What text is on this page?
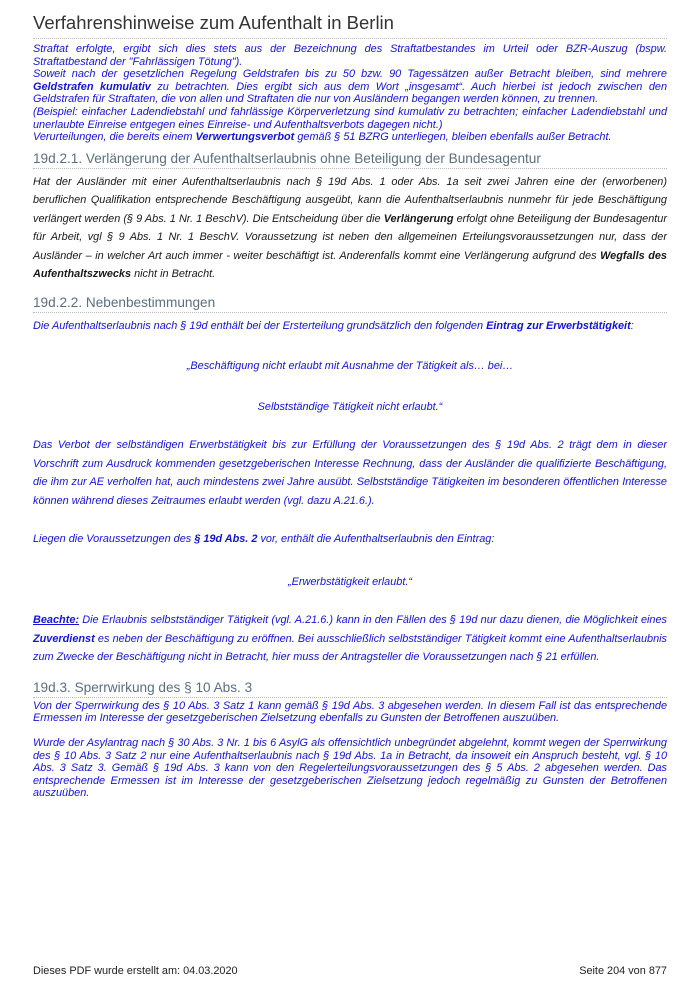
Verfahrenshinweise zum Aufenthalt in Berlin

Straftat erfolgte, ergibt sich dies stets aus der Bezeichnung des Straftatbestandes im Urteil oder BZR-Auszug (bspw. Straftatbestand der "Fahrlässigen Tötung").

Soweit nach der gesetzlichen Regelung Geldstrafen bis zu 50 bzw. 90 Tagessätzen außer Betracht bleiben, sind mehrere Geldstrafen kumulativ zu betrachten. Dies ergibt sich aus dem Wort „insgesamt“. Auch hierbei ist jedoch zwischen den Geldstrafen für Straftaten, die von allen und Straftaten die nur von Ausländern begangen werden können, zu trennen.

(Beispiel: einfacher Ladendiebstahl und fahrlässige Körperverletzung sind kumulativ zu betrachten; einfacher Ladendiebstahl und unerlaubte Einreise entgegen eines Einreise- und Aufenthaltsverbots dagegen nicht.)

Verurteilungen, die bereits einem Verwertungsverbot gemäß § 51 BZRG unterliegen, bleiben ebenfalls außer Betracht.

19d.2.1. Verlängerung der Aufenthaltserlaubnis ohne Beteiligung der Bundesagentur

Hat der Ausländer mit einer Aufenthaltserlaubnis nach § 19d Abs. 1 oder Abs. 1a seit zwei Jahren eine der (erworbenen) beruflichen Qualifikation entsprechende Beschäftigung ausgeübt, kann die Aufenthaltserlaubnis nunmehr für jede Beschäftigung verlängert werden (§ 9 Abs. 1 Nr. 1 BeschV). Die Entscheidung über die Verlängerung erfolgt ohne Beteiligung der Bundesagentur für Arbeit, vgl § 9 Abs. 1 Nr. 1 BeschV. Voraussetzung ist neben den allgemeinen Erteilungsvoraussetzungen nur, dass der Ausländer – in welcher Art auch immer - weiter beschäftigt ist. Anderenfalls kommt eine Verlängerung aufgrund des Wegfalls des Aufenthaltszwecks nicht in Betracht.

19d.2.2. Nebenbestimmungen

Die Aufenthaltserlaubnis nach § 19d enthält bei der Ersterteilung grundsätzlich den folgenden Eintrag zur Erwerbstätigkeit:

„Beschäftigung nicht erlaubt mit Ausnahme der Tätigkeit als… bei…

Selbstständige Tätigkeit nicht erlaubt.“

Das Verbot der selbständigen Erwerbstätigkeit bis zur Erfüllung der Voraussetzungen des § 19d Abs. 2 trägt dem in dieser Vorschrift zum Ausdruck kommenden gesetzgeberischen Interesse Rechnung, dass der Ausländer die qualifizierte Beschäftigung, die ihm zur AE verholfen hat, auch mindestens zwei Jahre ausübt. Selbstständige Tätigkeiten im besonderen öffentlichen Interesse können während dieses Zeitraumes erlaubt werden (vgl. dazu A.21.6.).

Liegen die Voraussetzungen des § 19d Abs. 2 vor, enthält die Aufenthaltserlaubnis den Eintrag:

„Erwerbstätigkeit erlaubt.“

Beachte: Die Erlaubnis selbstständiger Tätigkeit (vgl. A.21.6.) kann in den Fällen des § 19d nur dazu dienen, die Möglichkeit eines Zuverdienst es neben der Beschäftigung zu eröffnen. Bei ausschließlich selbstständiger Tätigkeit kommt eine Aufenthaltserlaubnis zum Zwecke der Beschäftigung nicht in Betracht, hier muss der Antragsteller die Voraussetzungen nach § 21 erfüllen.

19d.3. Sperrwirkung des § 10 Abs. 3

Von der Sperrwirkung des § 10 Abs. 3 Satz 1 kann gemäß § 19d Abs. 3 abgesehen werden. In diesem Fall ist das entsprechende Ermessen im Interesse der gesetzgeberischen Zielsetzung ebenfalls zu Gunsten der Betroffenen auszuüben.

Wurde der Asylantrag nach § 30 Abs. 3 Nr. 1 bis 6 AsylG als offensichtlich unbegründet abgelehnt, kommt wegen der Sperrwirkung des § 10 Abs. 3 Satz 2 nur eine Aufenthaltserlaubnis nach § 19d Abs. 1a in Betracht, da insoweit ein Anspruch besteht, vgl. § 10 Abs. 3 Satz 3. Gemäß § 19d Abs. 3 kann von den Regelerteilungsvoraussetzungen des § 5 Abs. 2 abgesehen werden. Das entsprechende Ermessen ist im Interesse der gesetzgeberischen Zielsetzung jedoch regelmäßig zu Gunsten der Betroffenen auszuüben.

Dieses PDF wurde erstellt am: 04.03.2020	Seite 204 von 877
